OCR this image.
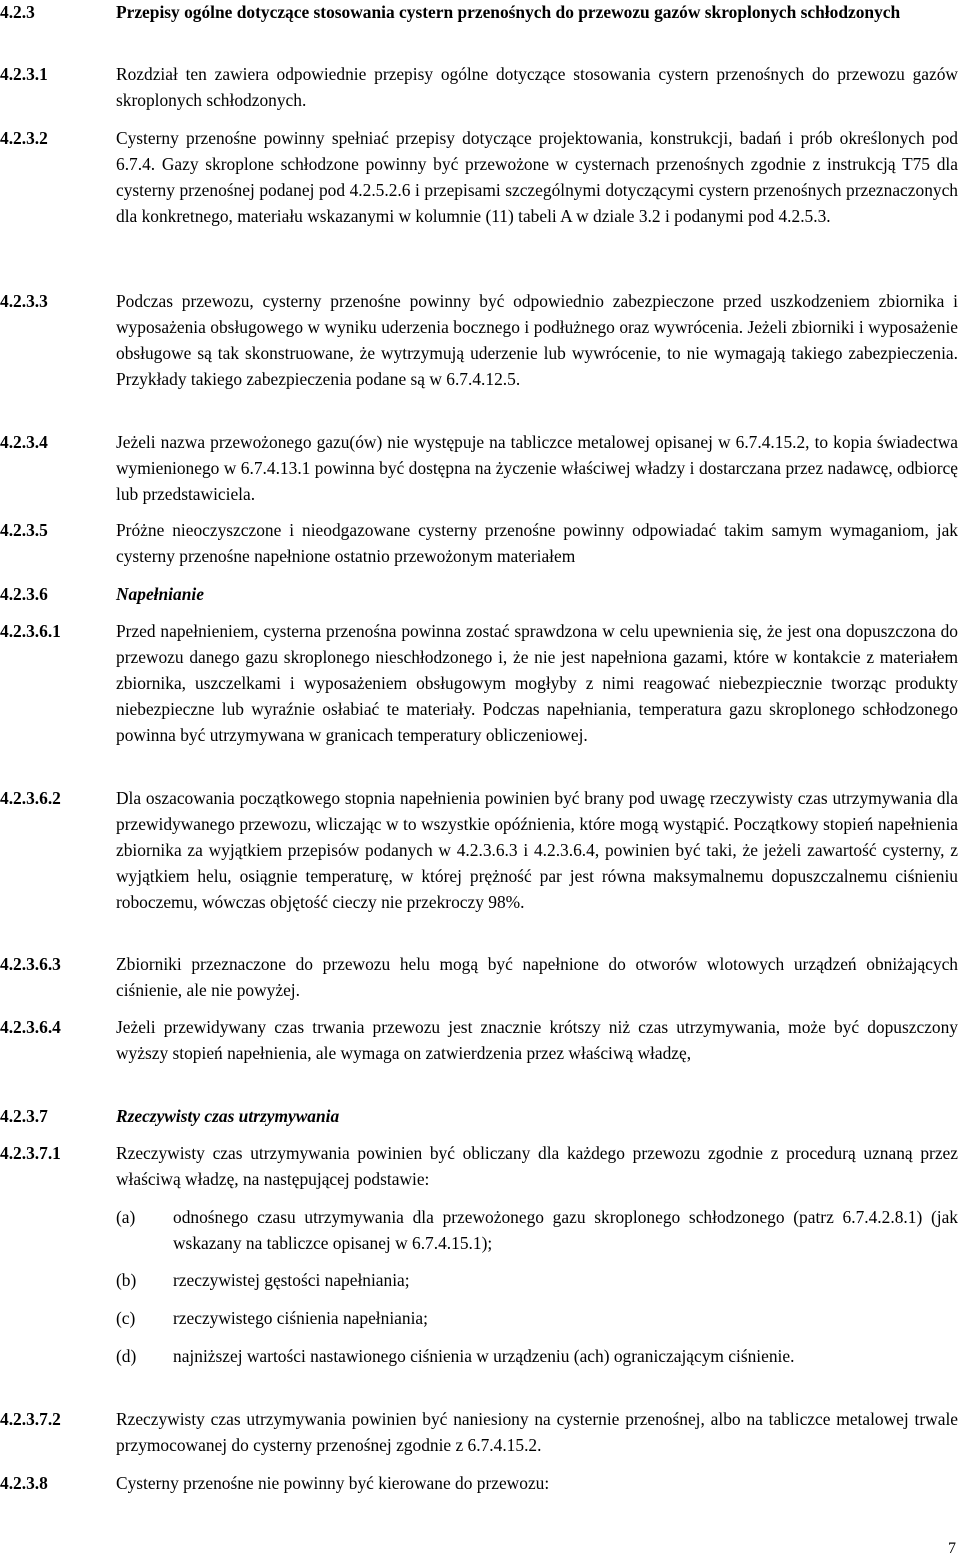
4.2.3	Przepisy ogólne dotyczące stosowania cystern przenośnych do przewozu gazów skroplonych schłodzonych
4.2.3.1	Rozdział ten zawiera odpowiednie przepisy ogólne dotyczące stosowania cystern przenośnych do przewozu gazów skroplonych schłodzonych.
4.2.3.2	Cysterny przenośne powinny spełniać przepisy dotyczące projektowania, konstrukcji, badań i prób określonych pod 6.7.4. Gazy skroplone schłodzone powinny być przewożone w cysternach przenośnych zgodnie z instrukcją T75 dla cysterny przenośnej podanej pod 4.2.5.2.6 i przepisami szczególnymi dotyczącymi cystern przenośnych przeznaczonych dla konkretnego, materiału wskazanymi w kolumnie (11) tabeli A w dziale 3.2 i podanymi pod 4.2.5.3.
4.2.3.3	Podczas przewozu, cysterny przenośne powinny być odpowiednio zabezpieczone przed uszkodzeniem zbiornika i wyposażenia obsługowego w wyniku uderzenia bocznego i podłużnego oraz wywrócenia. Jeżeli zbiorniki i wyposażenie obsługowe są tak skonstruowane, że wytrzymują uderzenie lub wywrócenie, to nie wymagają takiego zabezpieczenia. Przykłady takiego zabezpieczenia podane są w 6.7.4.12.5.
4.2.3.4	Jeżeli nazwa przewożonego gazu(ów) nie występuje na tabliczce metalowej opisanej w 6.7.4.15.2, to kopia świadectwa wymienionego w 6.7.4.13.1 powinna być dostępna na życzenie właściwej władzy i dostarczana przez nadawcę, odbiorcę lub przedstawiciela.
4.2.3.5	Próżne nieoczyszczone i nieodgazowane cysterny przenośne powinny odpowiadać takim samym wymaganiom, jak cysterny przenośne napełnione ostatnio przewożonym materiałem
4.2.3.6	Napełnianie
4.2.3.6.1	Przed napełnieniem, cysterna przenośna powinna zostać sprawdzona w celu upewnienia się, że jest ona dopuszczona do przewozu danego gazu skroplonego nieschłodzonego i, że nie jest napełniona gazami, które w kontakcie z materiałem zbiornika, uszczelkami i wyposażeniem obsługowym mogłyby z nimi reagować niebezpiecznie tworząc produkty niebezpieczne lub wyraźnie osłabiać te materiały. Podczas napełniania, temperatura gazu skroplonego schłodzonego powinna być utrzymywana w granicach temperatury obliczeniowej.
4.2.3.6.2	Dla oszacowania początkowego stopnia napełnienia powinien być brany pod uwagę rzeczywisty czas utrzymywania dla przewidywanego przewozu, wliczając w to wszystkie opóźnienia, które mogą wystąpić. Początkowy stopień napełnienia zbiornika za wyjątkiem przepisów podanych w 4.2.3.6.3 i 4.2.3.6.4, powinien być taki, że jeżeli zawartość cysterny, z wyjątkiem helu, osiągnie temperaturę, w której prężność par jest równa maksymalnemu dopuszczalnemu ciśnieniu roboczemu, wówczas objętość cieczy nie przekroczy 98%.
4.2.3.6.3	Zbiorniki przeznaczone do przewozu helu mogą być napełnione do otworów wlotowych urządzeń obniżających ciśnienie, ale nie powyżej.
4.2.3.6.4	Jeżeli przewidywany czas trwania przewozu jest znacznie krótszy niż czas utrzymywania, może być dopuszczony wyższy stopień napełnienia, ale wymaga on zatwierdzenia przez właściwą władzę,
4.2.3.7	Rzeczywisty czas utrzymywania
4.2.3.7.1	Rzeczywisty czas utrzymywania powinien być obliczany dla każdego przewozu zgodnie z procedurą uznaną przez właściwą władzę, na następującej podstawie:
(a) odnośnego czasu utrzymywania dla przewożonego gazu skroplonego schłodzonego (patrz 6.7.4.2.8.1) (jak wskazany na tabliczce opisanej w 6.7.4.15.1);
(b) rzeczywistej gęstości napełniania;
(c) rzeczywistego ciśnienia napełniania;
(d) najniższej wartości nastawionego ciśnienia w urządzeniu (ach) ograniczającym ciśnienie.
4.2.3.7.2	Rzeczywisty czas utrzymywania powinien być naniesiony na cysternie przenośnej, albo na tabliczce metalowej trwale przymocowanej do cysterny przenośnej zgodnie z 6.7.4.15.2.
4.2.3.8	Cysterny przenośne nie powinny być kierowane do przewozu:
7
